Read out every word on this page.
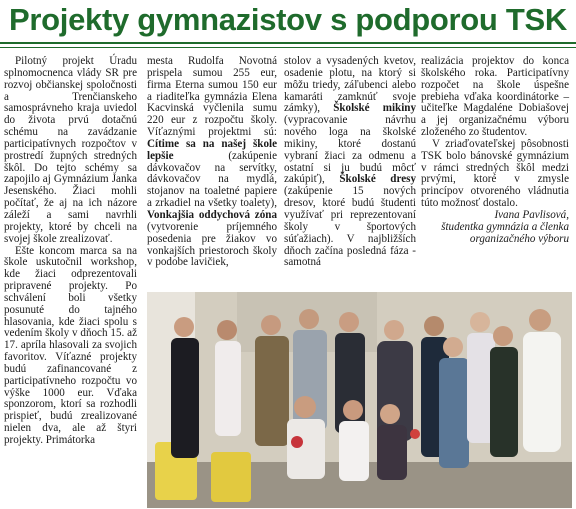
Projekty gymnazistov s podporou TSK

Pilotný projekt Úradu splnomocnenca vlády SR pre rozvoj občianskej spoločnosti a Trenčianskeho samosprávneho kraja uviedol do života prvú dotačnú schému na zavádzanie participatívnych rozpočtov v prostredí župných stredných škôl. Do tejto schémy sa zapojilo aj Gymnázium Janka Jesenského. Žiaci mohli počítať, že aj na ich názore záleží a sami navrhli projekty, ktoré by chceli na svojej škole zrealizovať.

Ešte koncom marca sa na škole uskutočnil workshop, kde žiaci odprezentovali pripravené projekty. Po schválení boli všetky posunuté do tajného hlasovania, kde žiaci spolu s vedením školy v dňoch 15. až 17. apríla hlasovali za svojich favoritov. Víťazné projekty budú zafinancované z participatívneho rozpočtu vo výške 1000 eur. Vďaka sponzorom, ktorí sa rozhodli prispieť, budú zrealizované nielen dva, ale až štyri projekty. Primátorka

mesta Rudolfa Novotná prispela sumou 255 eur, firma Eterna sumou 150 eur a riaditeľka gymnázia Elena Kacvinská vyčlenila sumu 220 eur z rozpočtu školy. Víťaznými projektmi sú: Cítime sa na našej škole lepšie (zakúpenie dávkovačov na servítky, dávkovačov na mydlá, stojanov na toaletné papiere a zrkadiel na všetky toalety), Vonkajšia oddychová zóna (vytvorenie príjemného posedenia pre žiakov vo vonkajších priestoroch školy v podobe lavičiek,

stolov a vysadených kvetov, osadenie plotu, na ktorý si môžu triedy, záľubenci alebo kamaráti zamknúť svoje zámky), Školské mikiny (vypracovanie návrhu nového loga na školské mikiny, ktoré dostanú vybraní žiaci za odmenu a ostatní si ju budú môcť zakúpiť), Školské dresy (zakúpenie 15 nových dresov, ktoré budú študenti využívať pri reprezentovaní školy v športových súťažiach). V najbližších dňoch začína posledná fáza - samotná

realizácia projektov do konca školského roka. Participatívny rozpočet na škole úspešne prebieha vďaka koordinátorke – učiteľke Magdaléne Dobiašovej a jej organizačnému výboru zloženého zo študentov.

V zriaďovateľskej pôsobnosti TSK bolo bánovské gymnázium v rámci stredných škôl medzi prvými, ktoré v zmysle princípov otvoreného vládnutia túto možnosť dostalo.

Ivana Pavlisová,

študentka gymnázia a členka

organizačného výboru
